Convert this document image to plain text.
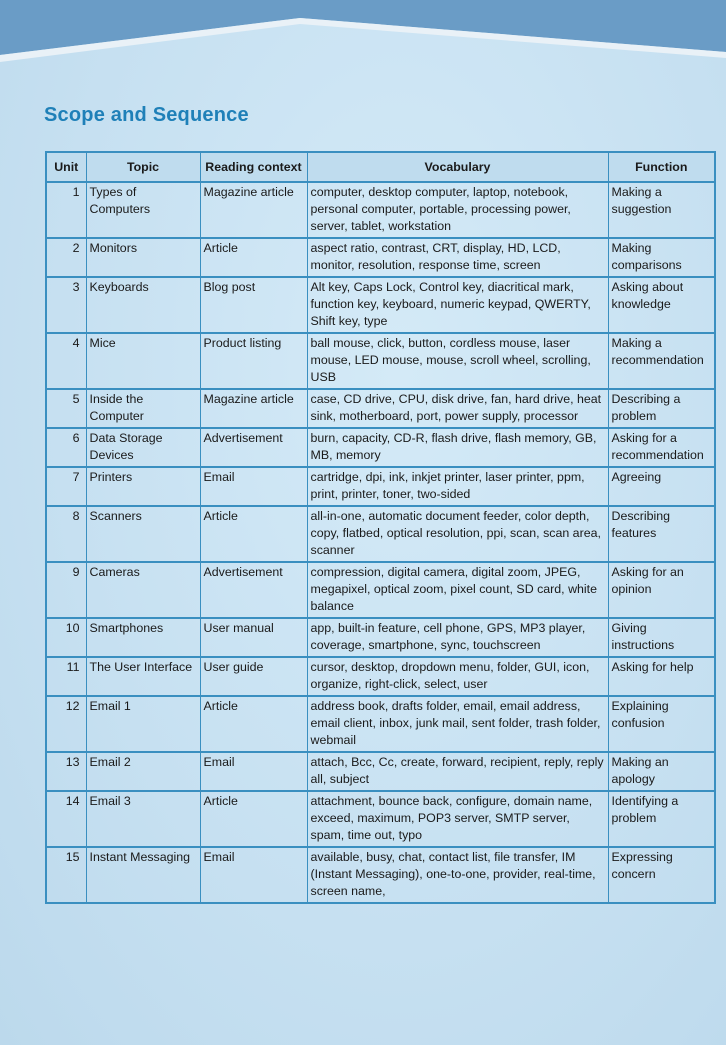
Scope and Sequence
Unit	Topic	Reading context	Vocabulary	Function
1	Types of Computers	Magazine article	computer, desktop computer, laptop, notebook, personal computer, portable, processing power, server, tablet, workstation	Making a suggestion
2	Monitors	Article	aspect ratio, contrast, CRT, display, HD, LCD, monitor, resolution, response time, screen	Making comparisons
3	Keyboards	Blog post	Alt key, Caps Lock, Control key, diacritical mark, function key, keyboard, numeric keypad, QWERTY, Shift key, type	Asking about knowledge
4	Mice	Product listing	ball mouse, click, button, cordless mouse, laser mouse, LED mouse, mouse, scroll wheel, scrolling, USB	Making a recommendation
5	Inside the Computer	Magazine article	case, CD drive, CPU, disk drive, fan, hard drive, heat sink, motherboard, port, power supply, processor	Describing a problem
6	Data Storage Devices	Advertisement	burn, capacity, CD-R, flash drive, flash memory, GB, MB, memory	Asking for a recommendation
7	Printers	Email	cartridge, dpi, ink, inkjet printer, laser printer, ppm, print, printer, toner, two-sided	Agreeing
8	Scanners	Article	all-in-one, automatic document feeder, color depth, copy, flatbed, optical resolution, ppi, scan, scan area, scanner	Describing features
9	Cameras	Advertisement	compression, digital camera, digital zoom, JPEG, megapixel, optical zoom, pixel count, SD card, white balance	Asking for an opinion
10	Smartphones	User manual	app, built-in feature, cell phone, GPS, MP3 player, coverage, smartphone, sync, touchscreen	Giving instructions
11	The User Interface	User guide	cursor, desktop, dropdown menu, folder, GUI, icon, organize, right-click, select, user	Asking for help
12	Email 1	Article	address book, drafts folder, email, email address, email client, inbox, junk mail, sent folder, trash folder, webmail	Explaining confusion
13	Email 2	Email	attach, Bcc, Cc, create, forward, recipient, reply, reply all, subject	Making an apology
14	Email 3	Article	attachment, bounce back, configure, domain name, exceed, maximum, POP3 server, SMTP server, spam, time out, typo	Identifying a problem
15	Instant Messaging	Email	available, busy, chat, contact list, file transfer, IM (Instant Messaging), one-to-one, provider, real-time, screen name,	Expressing concern
